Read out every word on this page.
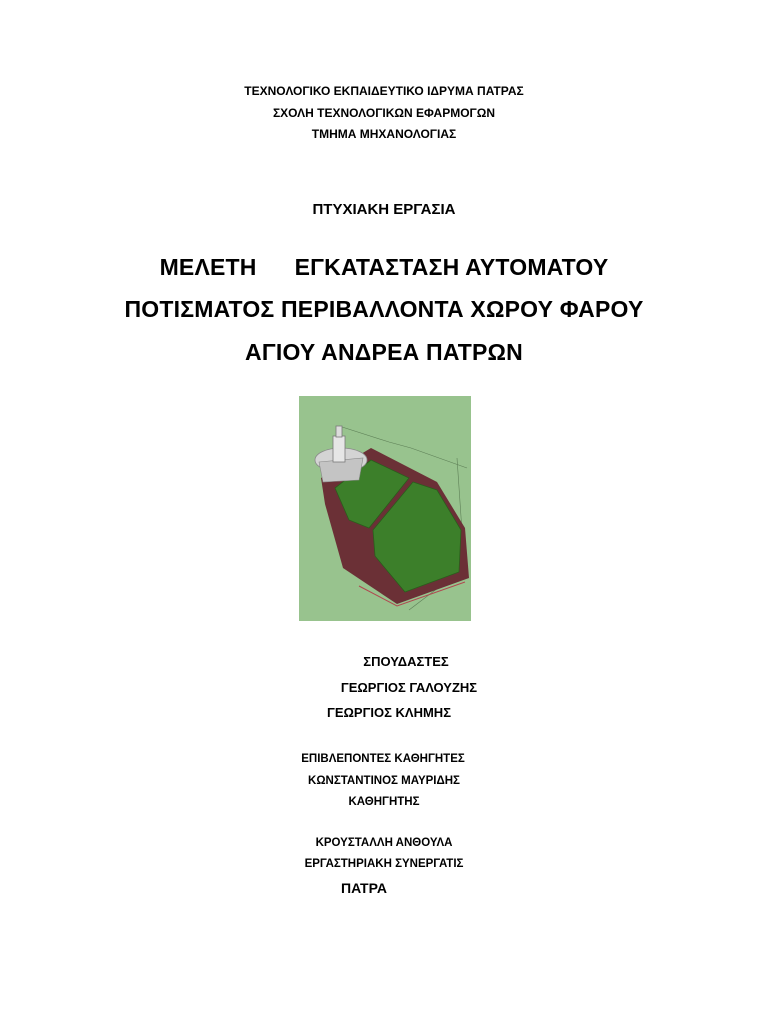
ΤΕΧΝΟΛΟΓΙΚΟ ΕΚΠΑΙΔΕΥΤΙΚΟ ΙΔΡΥΜΑ ΠΑΤΡΑΣ
ΣΧΟΛΗ ΤΕΧΝΟΛΟΓΙΚΩΝ ΕΦΑΡΜΟΓΩΝ
ΤΜΗΜΑ ΜΗΧΑΝΟΛΟΓΙΑΣ
ΠΤΥΧΙΑΚΗ ΕΡΓΑΣΙΑ
ΜΕΛΕΤΗ ΕΓΚΑΤΑΣΤΑΣΗ ΑΥΤΟΜΑΤΟΥ
ΠΟΤΙΣΜΑΤΟΣ ΠΕΡΙΒΑΛΛΟΝΤΑ ΧΩΡΟΥ ΦΑΡΟΥ
ΑΓΙΟΥ ΑΝΔΡΕΑ ΠΑΤΡΩΝ
ΣΠΟΥΔΑΣΤΕΣ
ΓΕΩΡΓΙΟΣ ΓΑΛΟΥΖΗΣ
ΓΕΩΡΓΙΟΣ ΚΛΗΜΗΣ
ΕΠΙΒΛΕΠΟΝΤΕΣ ΚΑΘΗΓΗΤΕΣ
ΚΩΝΣΤΑΝΤΙΝΟΣ ΜΑΥΡΙΔΗΣ
ΚΑΘΗΓΗΤΗΣ
ΚΡΟΥΣΤΑΛΛΗ ΑΝΘΟΥΛΑ
ΕΡΓΑΣΤΗΡΙΑΚΗ ΣΥΝΕΡΓΑΤΙΣ
ΠΑΤΡΑ
